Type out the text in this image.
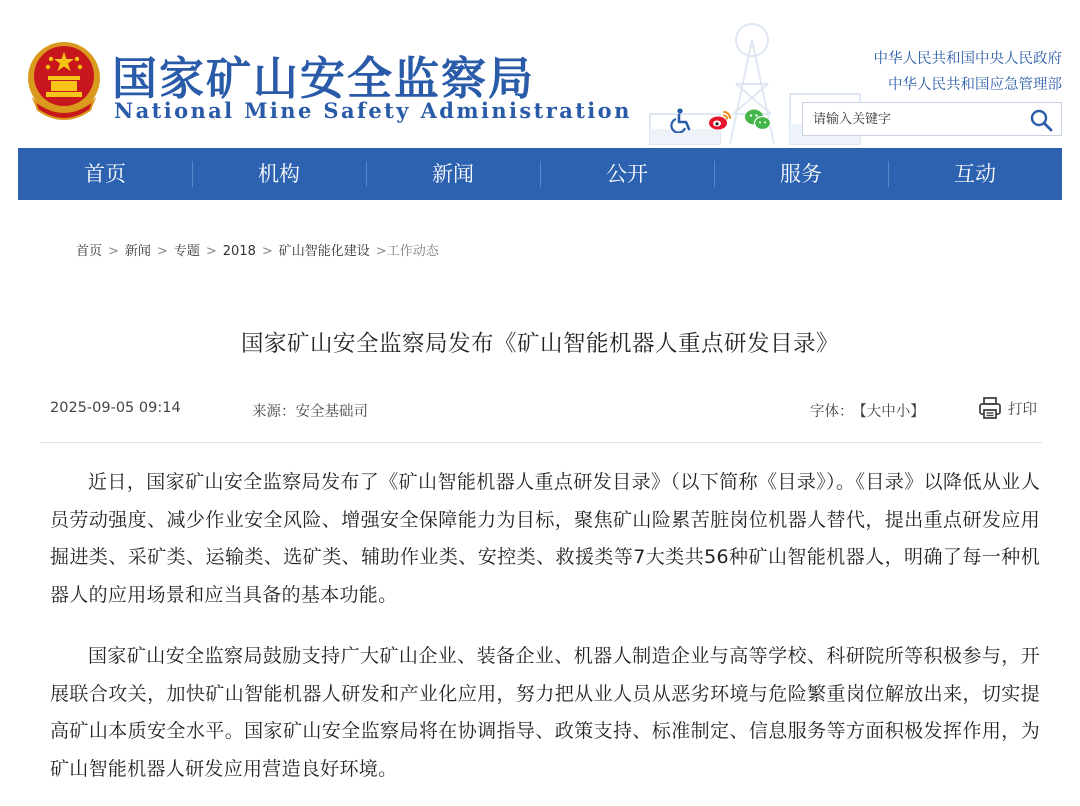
国家矿山安全监察局
National Mine Safety Administration
中华人民共和国中央人民政府
中华人民共和国应急管理部
请输入关键字
首页	机构	新闻	公开	服务	互动
首页 > 新闻 > 专题 > 2018 > 矿山智能化建设 >工作动态
国家矿山安全监察局发布《矿山智能机器人重点研发目录》
2025-09-05 09:14	来源：安全基础司	字体： 【大中小】	打印

近日，国家矿山安全监察局发布了《矿山智能机器人重点研发目录》（以下简称《目录》）。《目录》以降低从业人员劳动强度、减少作业安全风险、增强安全保障能力为目标，聚焦矿山险累苦脏岗位机器人替代，提出重点研发应用掘进类、采矿类、运输类、选矿类、辅助作业类、安控类、救援类等7大类共56种矿山智能机器人，明确了每一种机器人的应用场景和应当具备的基本功能。

国家矿山安全监察局鼓励支持广大矿山企业、装备企业、机器人制造企业与高等学校、科研院所等积极参与，开展联合攻关，加快矿山智能机器人研发和产业化应用，努力把从业人员从恶劣环境与危险繁重岗位解放出来，切实提高矿山本质安全水平。国家矿山安全监察局将在协调指导、政策支持、标准制定、信息服务等方面积极发挥作用，为矿山智能机器人研发应用营造良好环境。
